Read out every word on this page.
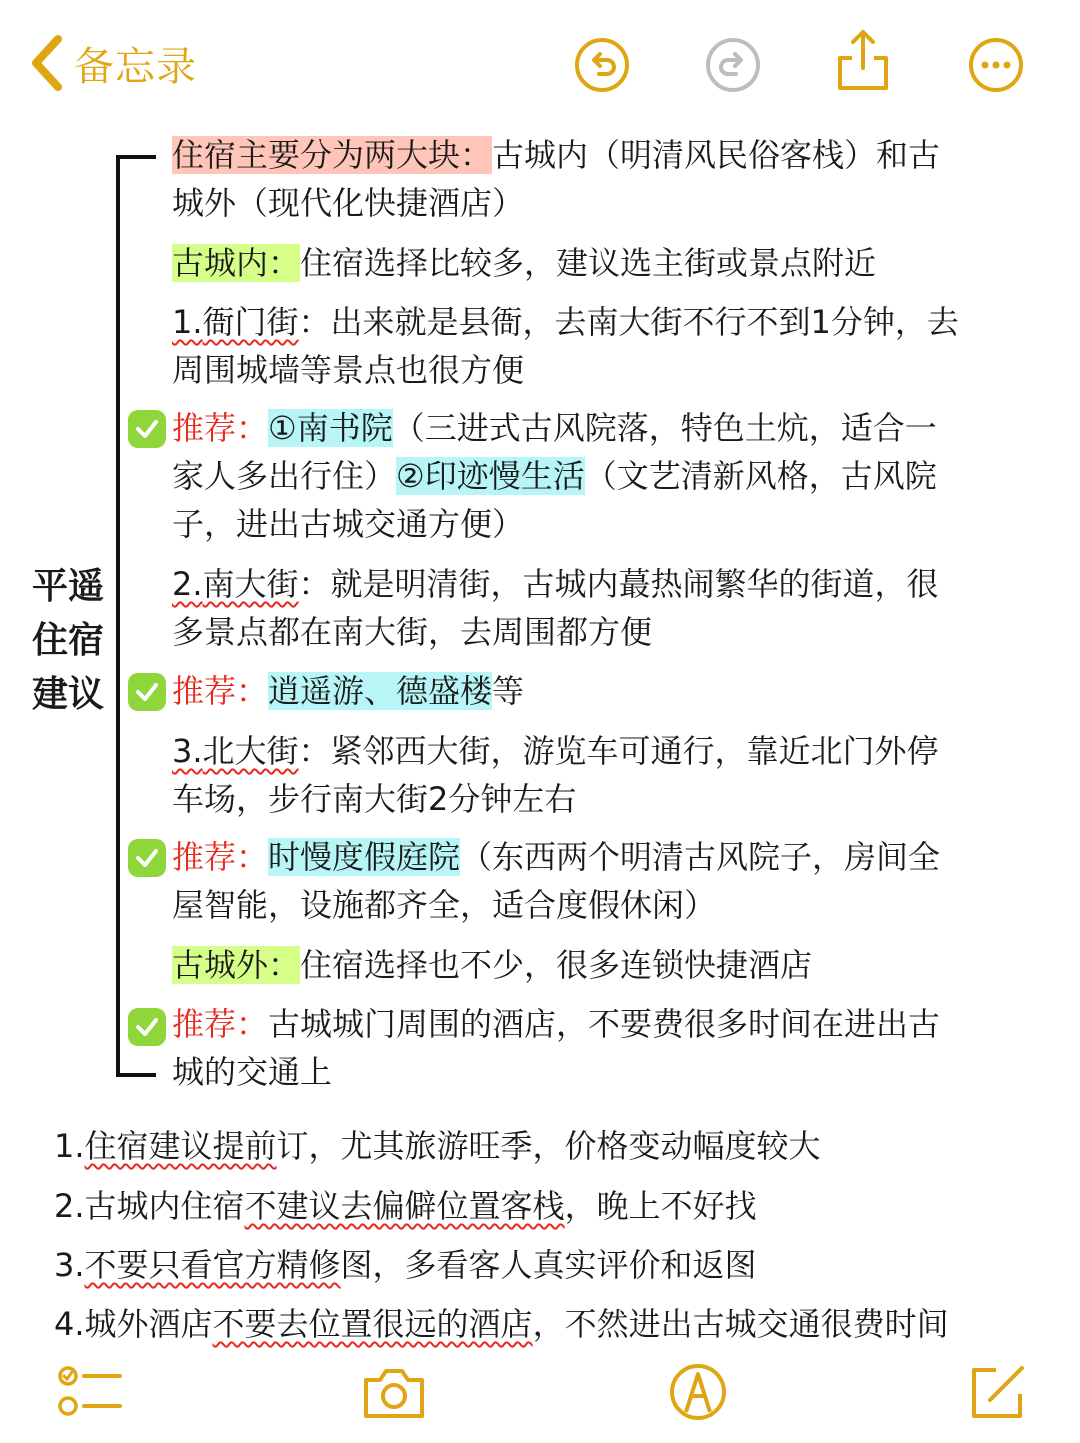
备忘录
平遥
住宿
建议
住宿主要分为两大块：古城内（明清风民俗客栈）和古
城外（现代化快捷酒店）
古城内：住宿选择比较多，建议选主街或景点附近
1.衙门街：出来就是县衙，去南大街不行不到1分钟，去
周围城墙等景点也很方便
推荐：①南书院（三进式古风院落，特色土炕，适合一
家人多出行住）②印迹慢生活（文艺清新风格，古风院
子，进出古城交通方便）
2.南大街：就是明清街，古城内蕞热闹繁华的街道，很
多景点都在南大街，去周围都方便
推荐：逍遥游、德盛楼等
3.北大街：紧邻西大街，游览车可通行，靠近北门外停
车场，步行南大街2分钟左右
推荐：时慢度假庭院（东西两个明清古风院子，房间全
屋智能，设施都齐全，适合度假休闲）
古城外：住宿选择也不少，很多连锁快捷酒店
推荐：古城城门周围的酒店，不要费很多时间在进出古
城的交通上
1.住宿建议提前订，尤其旅游旺季，价格变动幅度较大
2.古城内住宿不建议去偏僻位置客栈，晚上不好找
3.不要只看官方精修图，多看客人真实评价和返图
4.城外酒店不要去位置很远的酒店，不然进出古城交通很费时间
